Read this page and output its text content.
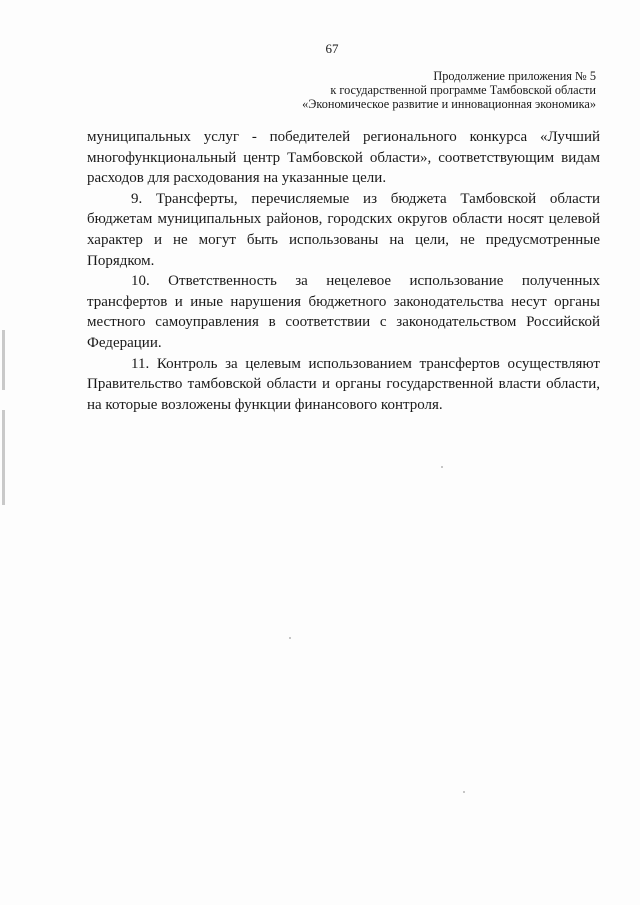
67
Продолжение приложения № 5
к государственной программе Тамбовской области
«Экономическое развитие и инновационная экономика»

муниципальных услуг - победителей регионального конкурса «Лучший многофункциональный центр Тамбовской области», соответствующим видам расходов для расходования на указанные цели.

9. Трансферты, перечисляемые из бюджета Тамбовской области бюджетам муниципальных районов, городских округов области носят целевой характер и не могут быть использованы на цели, не предусмотренные Порядком.

10. Ответственность за нецелевое использование полученных трансфертов и иные нарушения бюджетного законодательства несут органы местного самоуправления в соответствии с законодательством Российской Федерации.

11. Контроль за целевым использованием трансфертов осуществляют Правительство тамбовской области и органы государственной власти области, на которые возложены функции финансового контроля.
